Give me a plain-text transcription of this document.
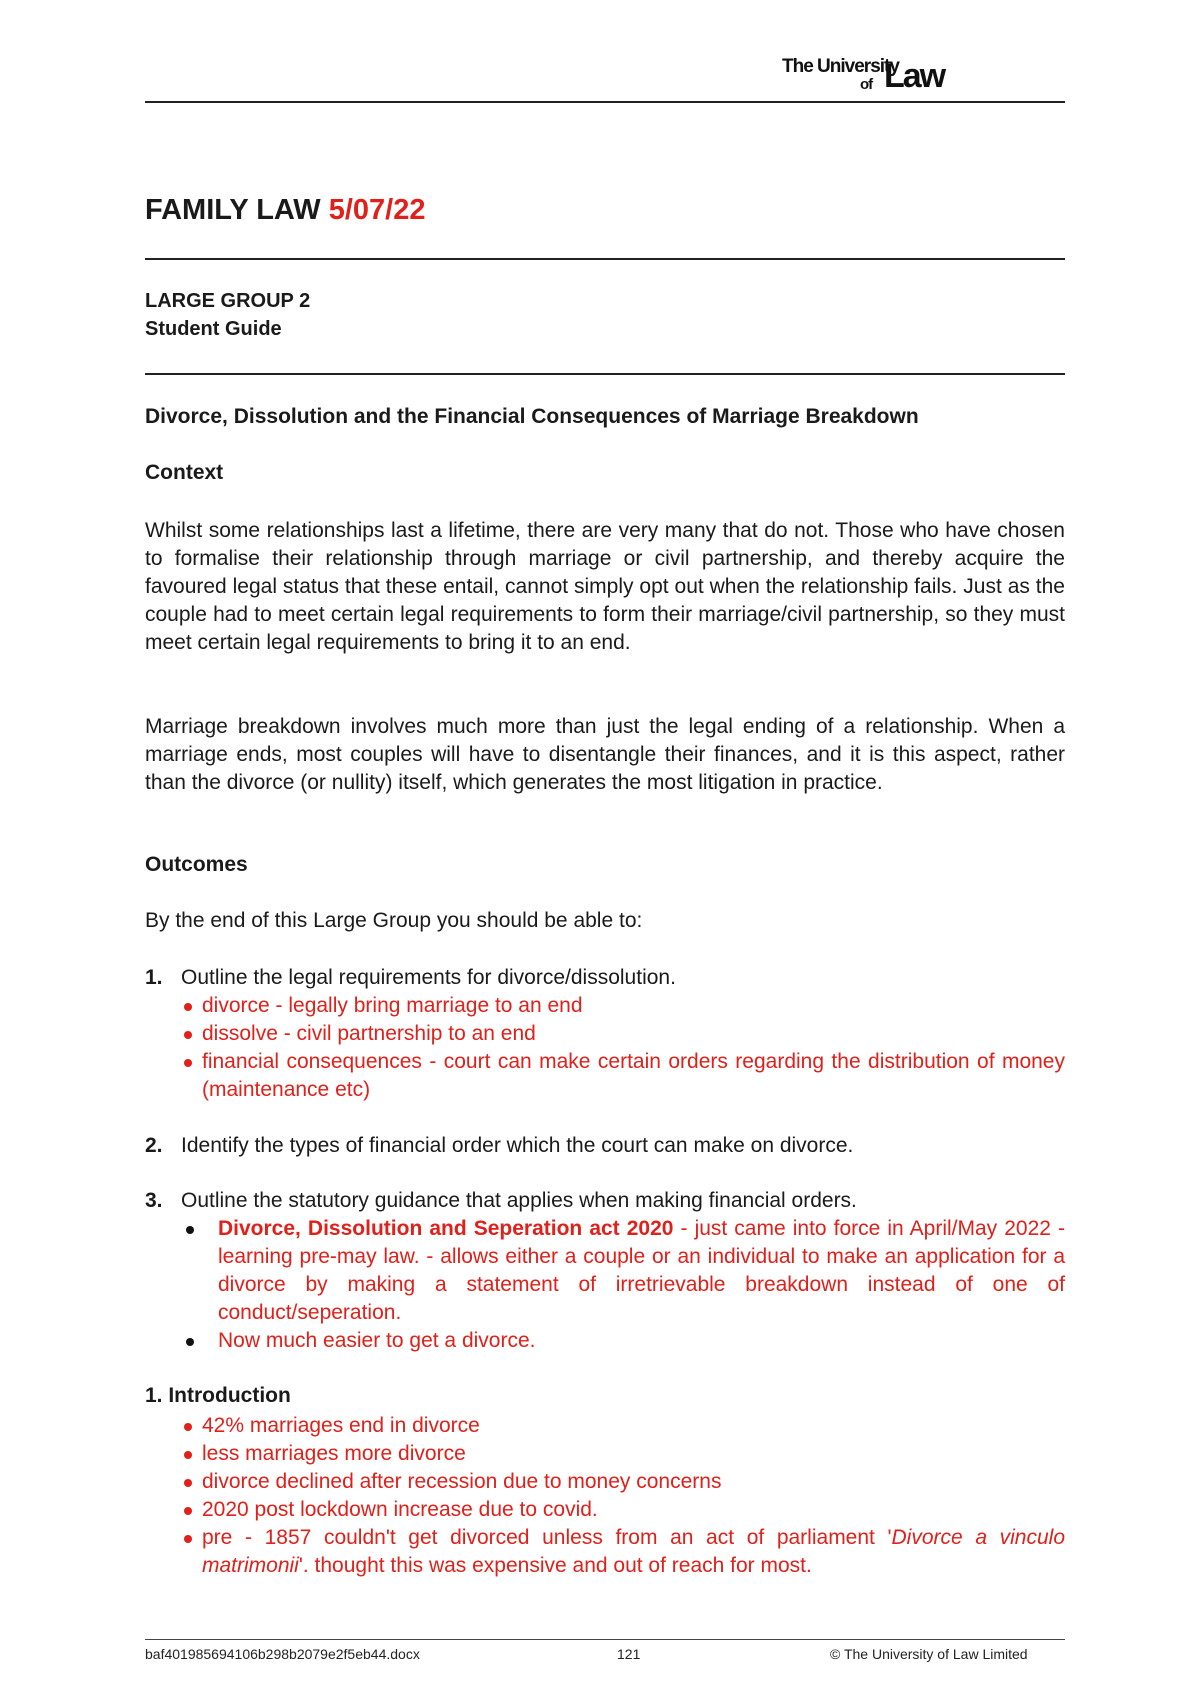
The University
of Law
FAMILY LAW 5/07/22
LARGE GROUP 2
Student Guide
Divorce, Dissolution and the Financial Consequences of Marriage Breakdown
Context
Whilst some relationships last a lifetime, there are very many that do not. Those who have chosen to formalise their relationship through marriage or civil partnership, and thereby acquire the favoured legal status that these entail, cannot simply opt out when the relationship fails. Just as the couple had to meet certain legal requirements to form their marriage/civil partnership, so they must meet certain legal requirements to bring it to an end.
Marriage breakdown involves much more than just the legal ending of a relationship. When a marriage ends, most couples will have to disentangle their finances, and it is this aspect, rather than the divorce (or nullity) itself, which generates the most litigation in practice.
Outcomes
By the end of this Large Group you should be able to:
1. Outline the legal requirements for divorce/dissolution.
divorce - legally bring marriage to an end
dissolve - civil partnership to an end
financial consequences - court can make certain orders regarding the distribution of money (maintenance etc)
2. Identify the types of financial order which the court can make on divorce.
3. Outline the statutory guidance that applies when making financial orders.
Divorce, Dissolution and Seperation act 2020 - just came into force in April/May 2022 - learning pre-may law. - allows either a couple or an individual to make an application for a divorce by making a statement of irretrievable breakdown instead of one of conduct/seperation.
Now much easier to get a divorce.
1. Introduction
42% marriages end in divorce
less marriages more divorce
divorce declined after recession due to money concerns
2020 post lockdown increase due to covid.
pre - 1857 couldn't get divorced unless from an act of parliament 'Divorce a vinculo matrimonii'. thought this was expensive and out of reach for most.
baf401985694106b298b2079e2f5eb44.docx	121	© The University of Law Limited
